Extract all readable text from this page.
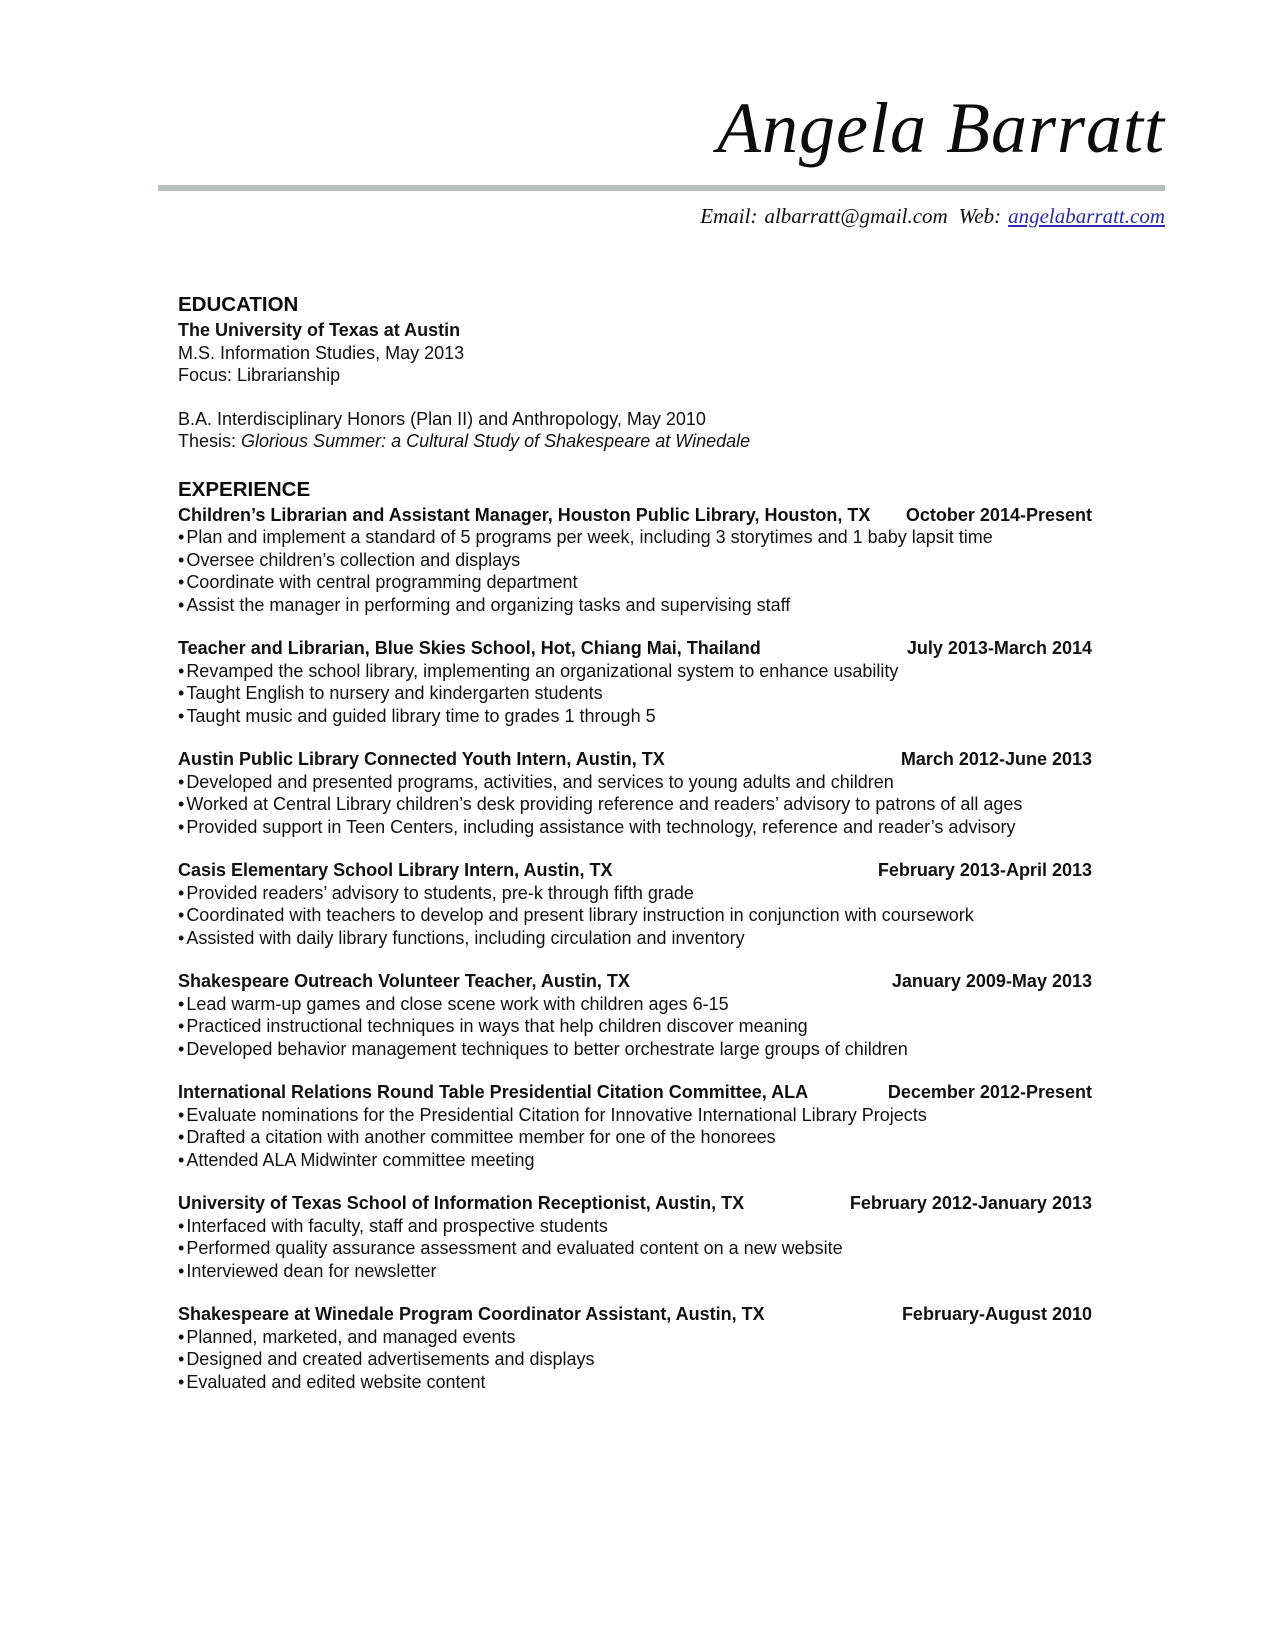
Angela Barratt
Email: albarratt@gmail.com Web: angelabarratt.com
EDUCATION

The University of Texas at Austin

M.S. Information Studies, May 2013

Focus: Librarianship

B.A. Interdisciplinary Honors (Plan II) and Anthropology, May 2010

Thesis: Glorious Summer: a Cultural Study of Shakespeare at Winedale

EXPERIENCE
Children’s Librarian and Assistant Manager, Houston Public Library, Houston, TX	October 2014-Present
• Plan and implement a standard of 5 programs per week, including 3 storytimes and 1 baby lapsit time
• Oversee children’s collection and displays
• Coordinate with central programming department
• Assist the manager in performing and organizing tasks and supervising staff
Teacher and Librarian, Blue Skies School, Hot, Chiang Mai, Thailand	July 2013-March 2014
• Revamped the school library, implementing an organizational system to enhance usability
• Taught English to nursery and kindergarten students
• Taught music and guided library time to grades 1 through 5
Austin Public Library Connected Youth Intern, Austin, TX	March 2012-June 2013
• Developed and presented programs, activities, and services to young adults and children
• Worked at Central Library children’s desk providing reference and readers’ advisory to patrons of all ages
• Provided support in Teen Centers, including assistance with technology, reference and reader’s advisory
Casis Elementary School Library Intern, Austin, TX	February 2013-April 2013
• Provided readers’ advisory to students, pre-k through fifth grade
• Coordinated with teachers to develop and present library instruction in conjunction with coursework
• Assisted with daily library functions, including circulation and inventory
Shakespeare Outreach Volunteer Teacher, Austin, TX	January 2009-May 2013
• Lead warm-up games and close scene work with children ages 6-15
• Practiced instructional techniques in ways that help children discover meaning
• Developed behavior management techniques to better orchestrate large groups of children
International Relations Round Table Presidential Citation Committee, ALA	December 2012-Present
• Evaluate nominations for the Presidential Citation for Innovative International Library Projects
• Drafted a citation with another committee member for one of the honorees
• Attended ALA Midwinter committee meeting
University of Texas School of Information Receptionist, Austin, TX	February 2012-January 2013
• Interfaced with faculty, staff and prospective students
• Performed quality assurance assessment and evaluated content on a new website
• Interviewed dean for newsletter
Shakespeare at Winedale Program Coordinator Assistant, Austin, TX	February-August 2010
• Planned, marketed, and managed events
• Designed and created advertisements and displays
• Evaluated and edited website content
